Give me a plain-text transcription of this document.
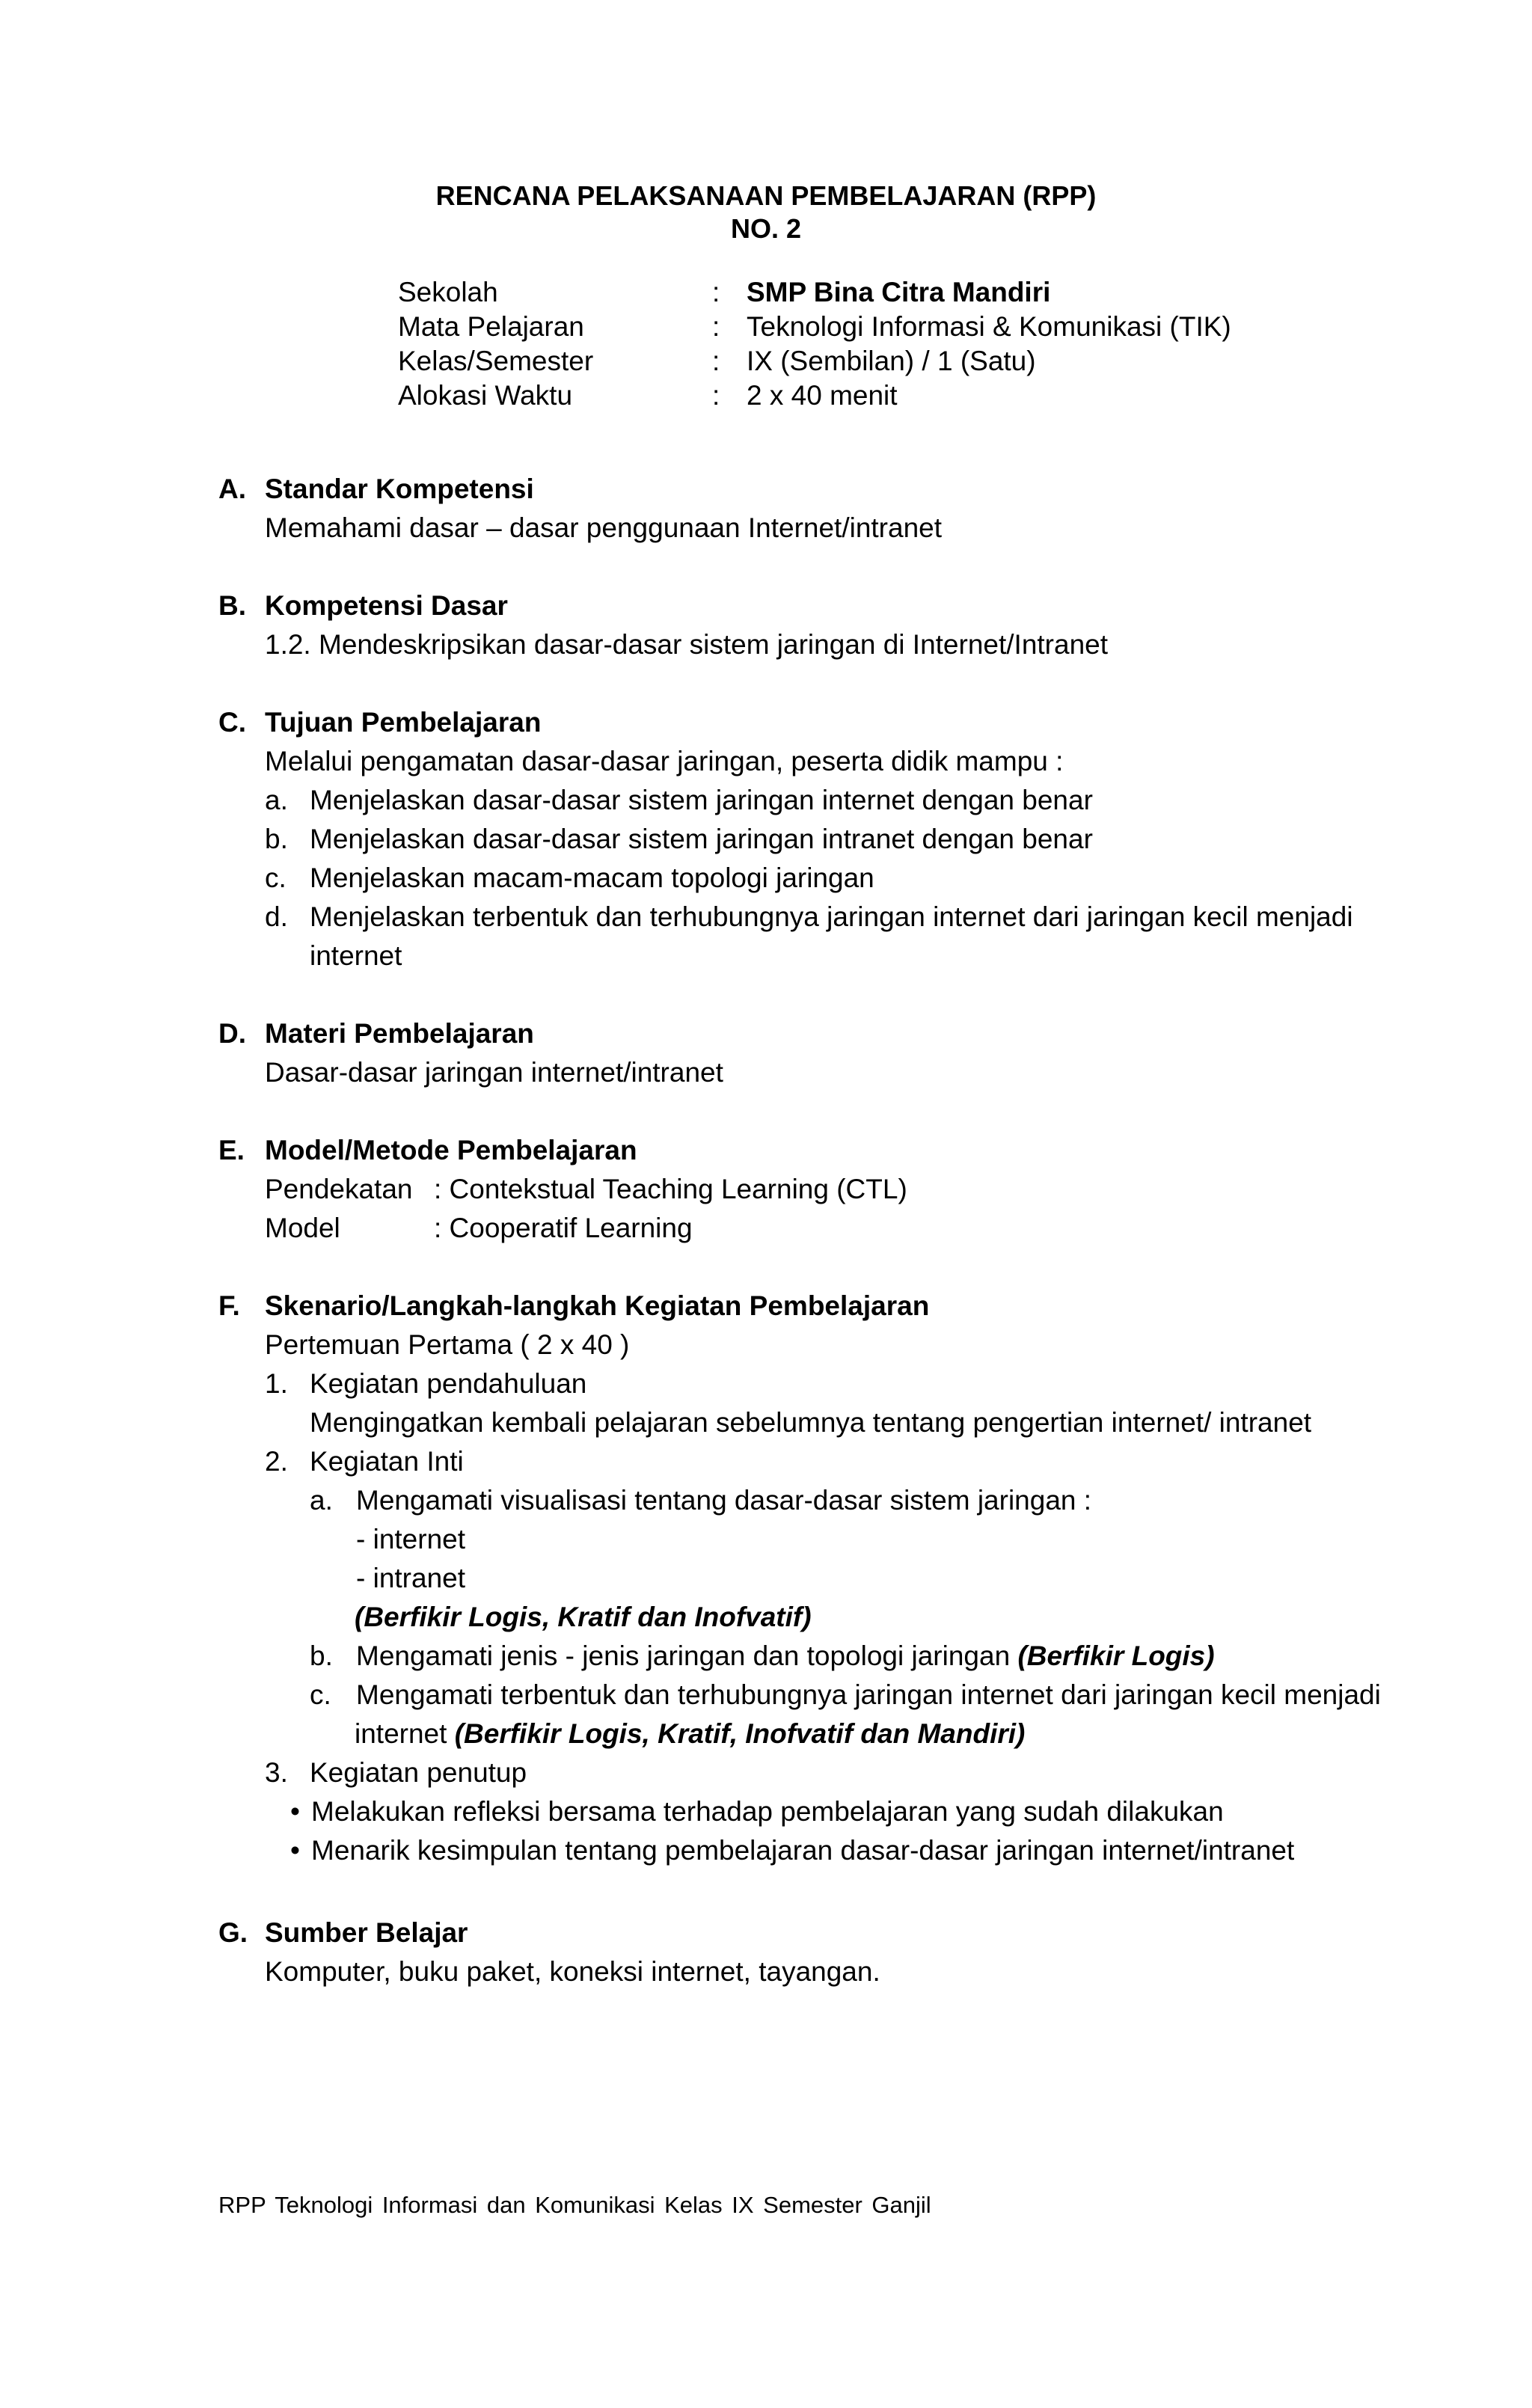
RENCANA PELAKSANAAN PEMBELAJARAN (RPP)
NO. 2
Sekolah	: SMP Bina Citra Mandiri
Mata Pelajaran	: Teknologi Informasi & Komunikasi (TIK)
Kelas/Semester	: IX (Sembilan) / 1 (Satu)
Alokasi Waktu	: 2 x 40 menit
A. Standar Kompetensi
Memahami dasar – dasar penggunaan Internet/intranet
B. Kompetensi Dasar
1.2. Mendeskripsikan dasar-dasar sistem jaringan di Internet/Intranet
C. Tujuan Pembelajaran
Melalui pengamatan dasar-dasar jaringan, peserta didik mampu :
a. Menjelaskan dasar-dasar sistem jaringan internet dengan benar
b. Menjelaskan dasar-dasar sistem jaringan intranet dengan benar
c. Menjelaskan macam-macam topologi jaringan
d. Menjelaskan terbentuk dan terhubungnya jaringan internet dari jaringan kecil menjadi
internet
D. Materi Pembelajaran
Dasar-dasar jaringan internet/intranet
E. Model/Metode Pembelajaran
Pendekatan : Contekstual Teaching Learning (CTL)
Model	: Cooperatif Learning
F. Skenario/Langkah-langkah Kegiatan Pembelajaran
Pertemuan Pertama ( 2 x 40 )
1. Kegiatan pendahuluan
Mengingatkan kembali pelajaran sebelumnya tentang pengertian internet/ intranet
2. Kegiatan Inti
a. Mengamati visualisasi tentang dasar-dasar sistem jaringan :
- internet
- intranet
(Berfikir Logis, Kratif dan Inofvatif)
b. Mengamati jenis - jenis jaringan dan topologi jaringan (Berfikir Logis)
c. Mengamati terbentuk dan terhubungnya jaringan internet dari jaringan kecil menjadi
internet (Berfikir Logis, Kratif, Inofvatif dan Mandiri)
3. Kegiatan penutup
• Melakukan refleksi bersama terhadap pembelajaran yang sudah dilakukan
• Menarik kesimpulan tentang pembelajaran dasar-dasar jaringan internet/intranet
G. Sumber Belajar
Komputer, buku paket, koneksi internet, tayangan.
RPP Teknologi Informasi dan Komunikasi Kelas IX Semester Ganjil
